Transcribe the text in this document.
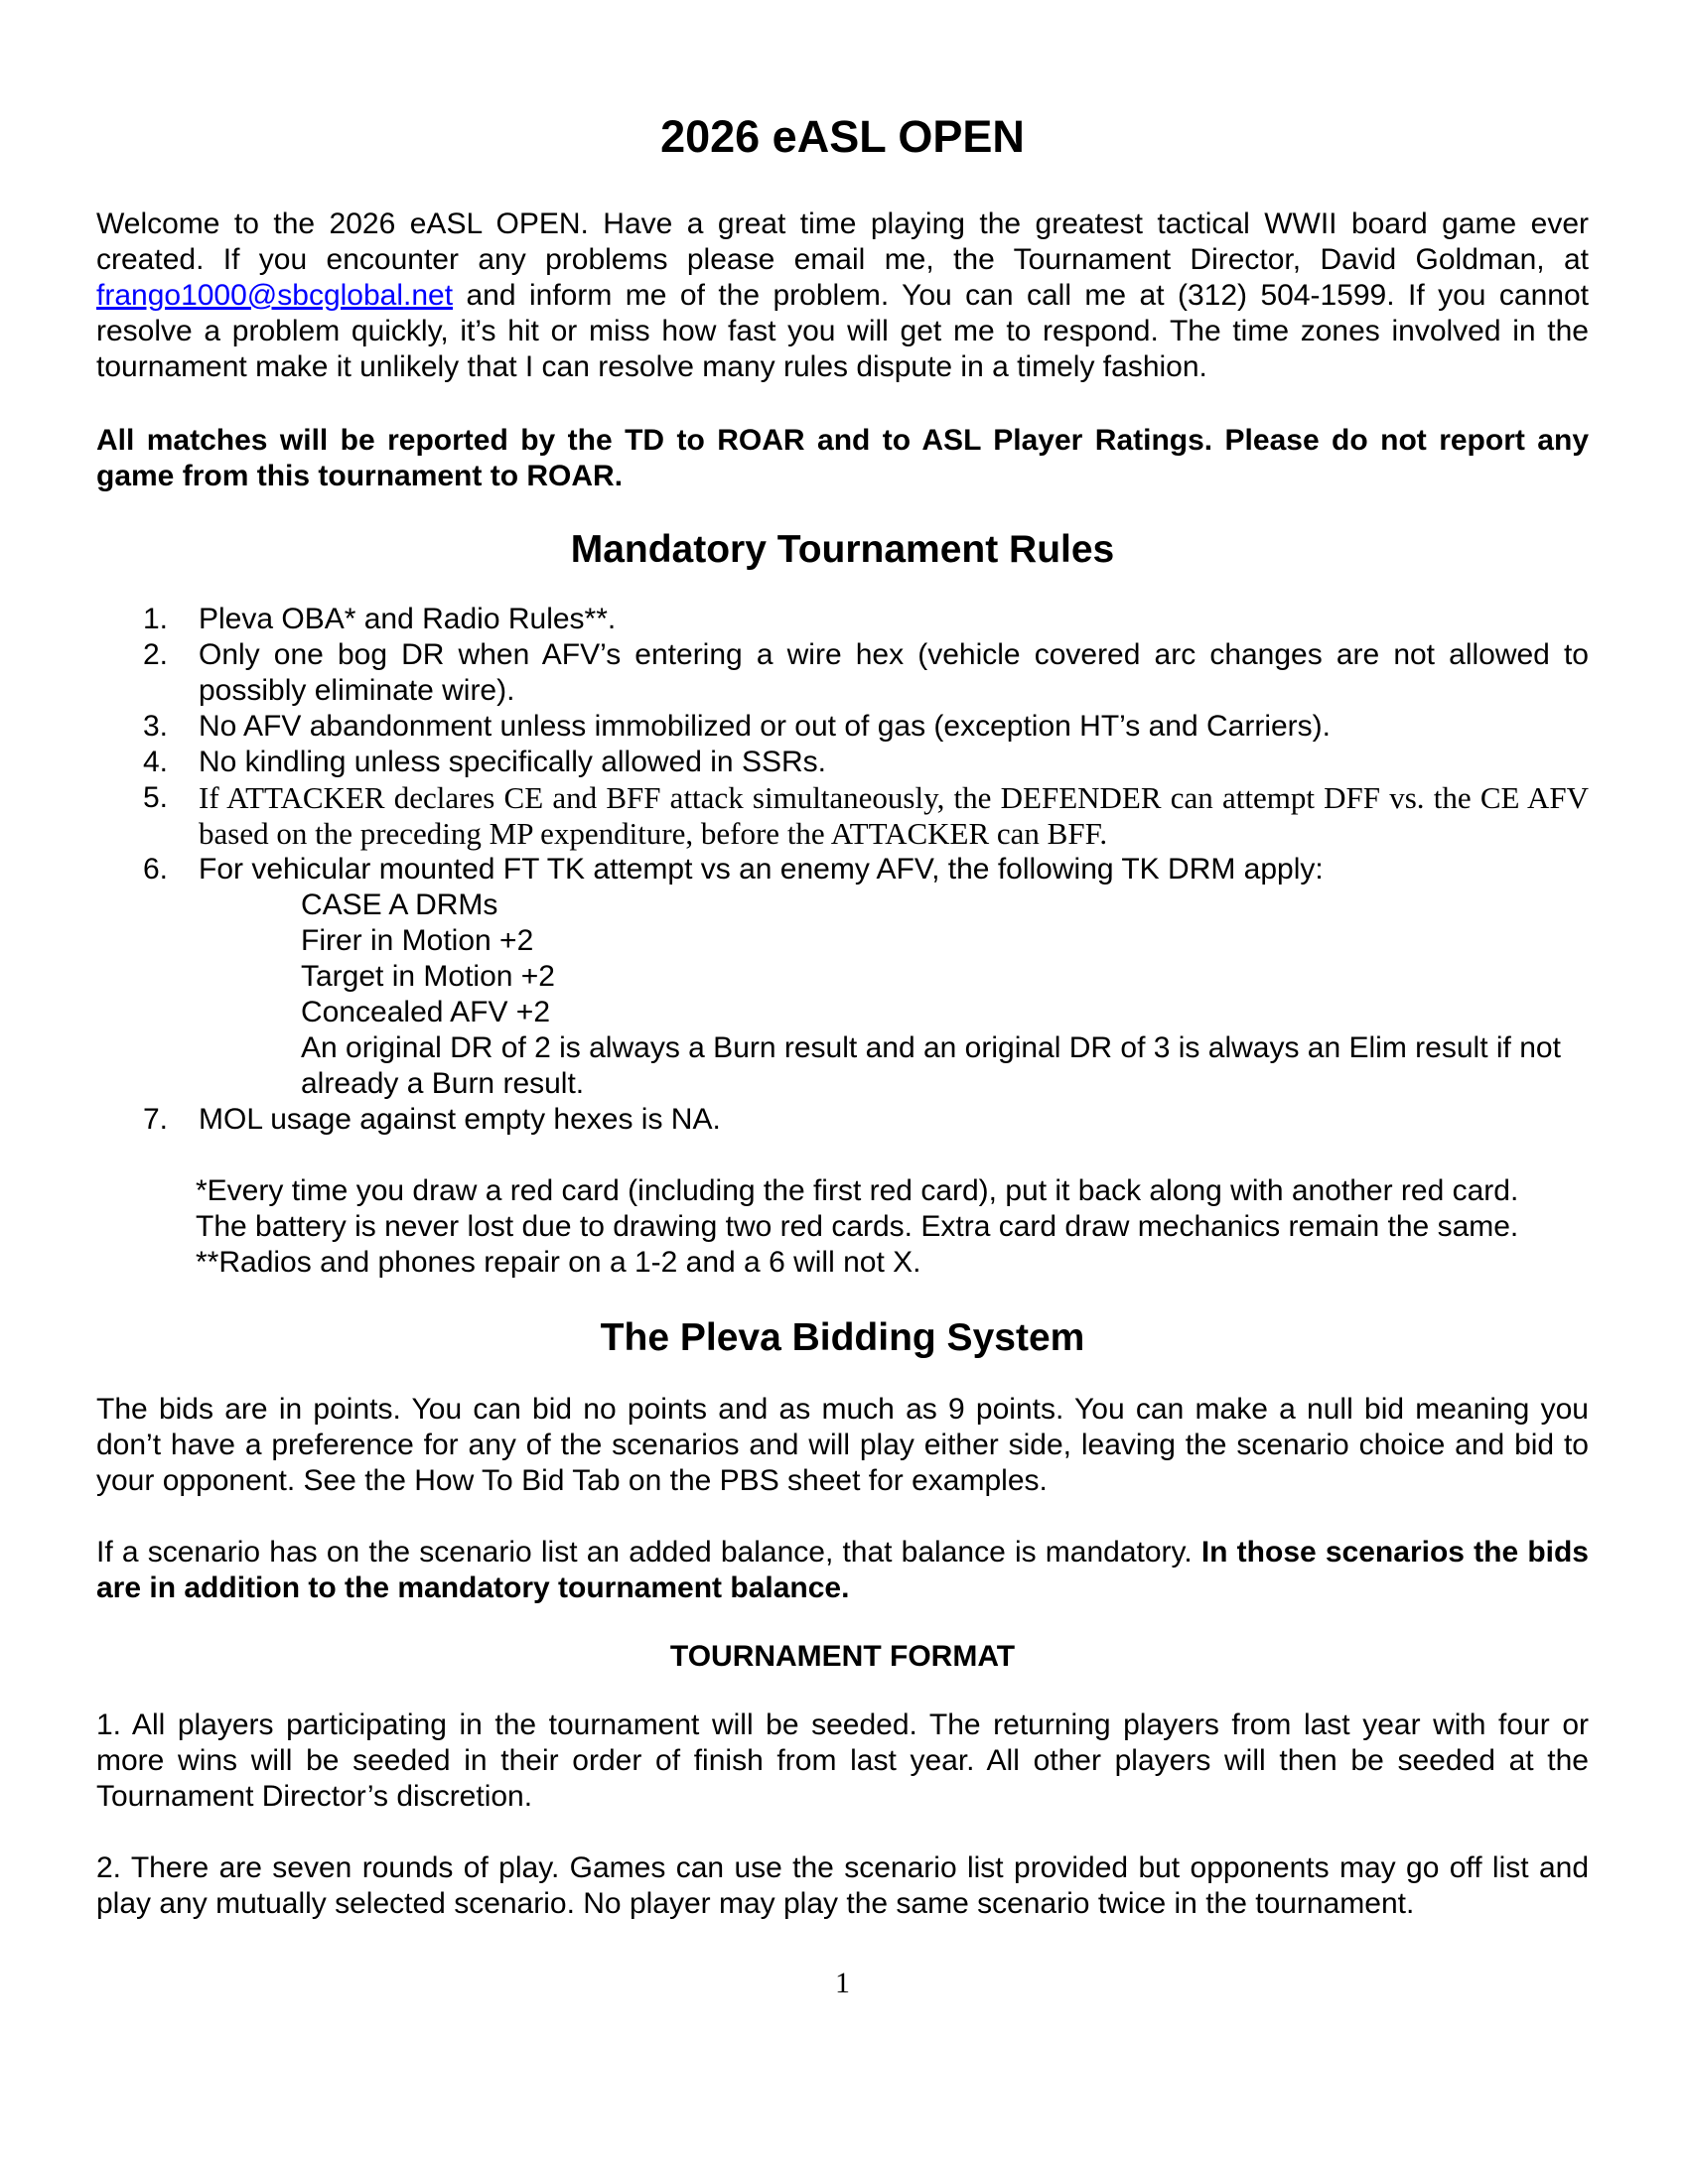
2026 eASL OPEN

Welcome to the 2026 eASL OPEN. Have a great time playing the greatest tactical WWII board game ever created. If you encounter any problems please email me, the Tournament Director, David Goldman, at frango1000@sbcglobal.net and inform me of the problem. You can call me at (312) 504-1599. If you cannot resolve a problem quickly, it’s hit or miss how fast you will get me to respond. The time zones involved in the tournament make it unlikely that I can resolve many rules dispute in a timely fashion.

All matches will be reported by the TD to ROAR and to ASL Player Ratings. Please do not report any game from this tournament to ROAR.

Mandatory Tournament Rules
1.	Pleva OBA* and Radio Rules**.
2.	Only one bog DR when AFV’s entering a wire hex (vehicle covered arc changes are not allowed to possibly eliminate wire).
3.	No AFV abandonment unless immobilized or out of gas (exception HT’s and Carriers).
4.	No kindling unless specifically allowed in SSRs.
5. If ATTACKER declares CE and BFF attack simultaneously, the DEFENDER can attempt DFF vs. the CE AFV based on the preceding MP expenditure, before the ATTACKER can BFF.
6.	For vehicular mounted FT TK attempt vs an enemy AFV, the following TK DRM apply:
CASE A DRMs
Firer in Motion +2
Target in Motion +2
Concealed AFV +2
An original DR of 2 is always a Burn result and an original DR of 3 is always an Elim result if not already a Burn result.
7.	MOL usage against empty hexes is NA.
*Every time you draw a red card (including the first red card), put it back along with another red card.
The battery is never lost due to drawing two red cards. Extra card draw mechanics remain the same.
**Radios and phones repair on a 1-2 and a 6 will not X.
The Pleva Bidding System

The bids are in points. You can bid no points and as much as 9 points. You can make a null bid meaning you don’t have a preference for any of the scenarios and will play either side, leaving the scenario choice and bid to your opponent. See the How To Bid Tab on the PBS sheet for examples.

If a scenario has on the scenario list an added balance, that balance is mandatory. In those scenarios the bids are in addition to the mandatory tournament balance.

TOURNAMENT FORMAT

1. All players participating in the tournament will be seeded. The returning players from last year with four or more wins will be seeded in their order of finish from last year. All other players will then be seeded at the Tournament Director’s discretion.

2. There are seven rounds of play. Games can use the scenario list provided but opponents may go off list and play any mutually selected scenario. No player may play the same scenario twice in the tournament.

1
